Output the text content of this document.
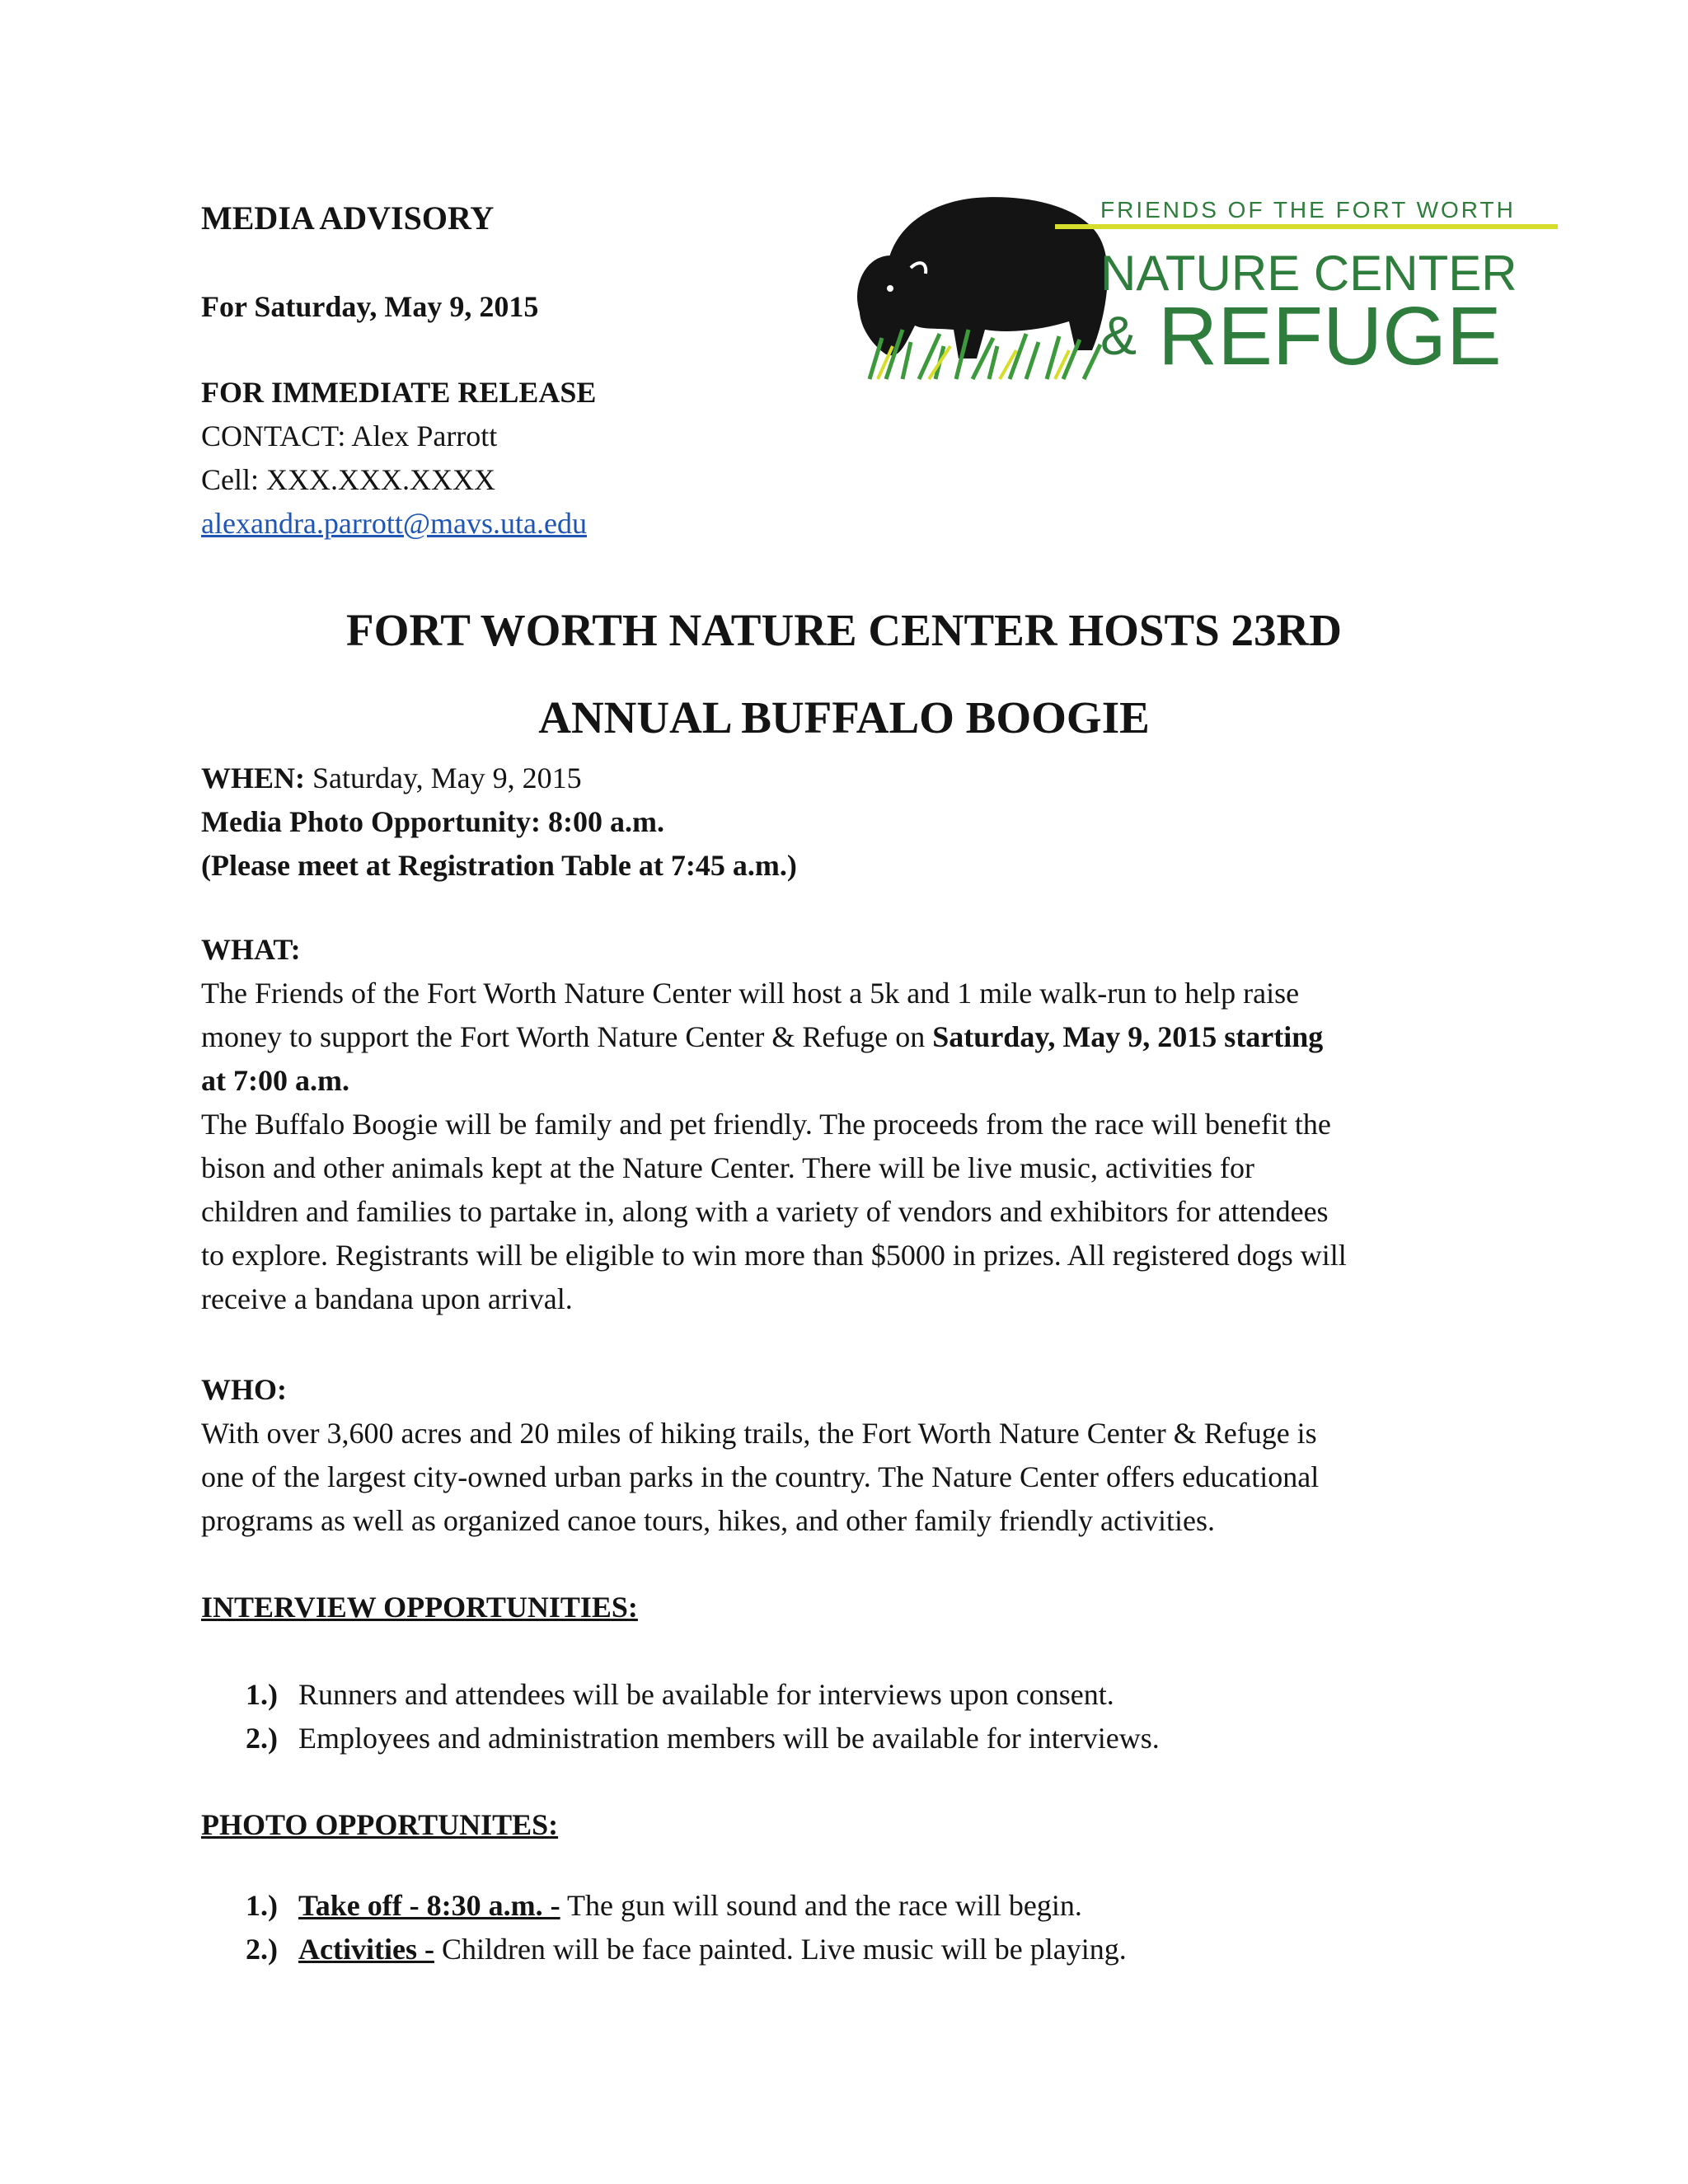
MEDIA ADVISORY
For Saturday, May 9, 2015
FOR IMMEDIATE RELEASE
CONTACT: Alex Parrott
Cell: XXX.XXX.XXXX
alexandra.parrott@mavs.uta.edu
FRIENDS OF THE FORT WORTH
NATURE CENTER
& REFUGE
FORT WORTH NATURE CENTER HOSTS 23RD
ANNUAL BUFFALO BOOGIE
WHEN: Saturday, May 9, 2015
Media Photo Opportunity: 8:00 a.m.
(Please meet at Registration Table at 7:45 a.m.)
WHAT:
The Friends of the Fort Worth Nature Center will host a 5k and 1 mile walk-run to help raise
money to support the Fort Worth Nature Center & Refuge on Saturday, May 9, 2015 starting
at 7:00 a.m.
The Buffalo Boogie will be family and pet friendly. The proceeds from the race will benefit the
bison and other animals kept at the Nature Center. There will be live music, activities for
children and families to partake in, along with a variety of vendors and exhibitors for attendees
to explore. Registrants will be eligible to win more than $5000 in prizes. All registered dogs will
receive a bandana upon arrival.
WHO:
With over 3,600 acres and 20 miles of hiking trails, the Fort Worth Nature Center & Refuge is
one of the largest city-owned urban parks in the country. The Nature Center offers educational
programs as well as organized canoe tours, hikes, and other family friendly activities.
INTERVIEW OPPORTUNITIES:
1.) Runners and attendees will be available for interviews upon consent.
2.) Employees and administration members will be available for interviews.
PHOTO OPPORTUNITES:
1.) Take off - 8:30 a.m. - The gun will sound and the race will begin.
2.) Activities - Children will be face painted. Live music will be playing.
